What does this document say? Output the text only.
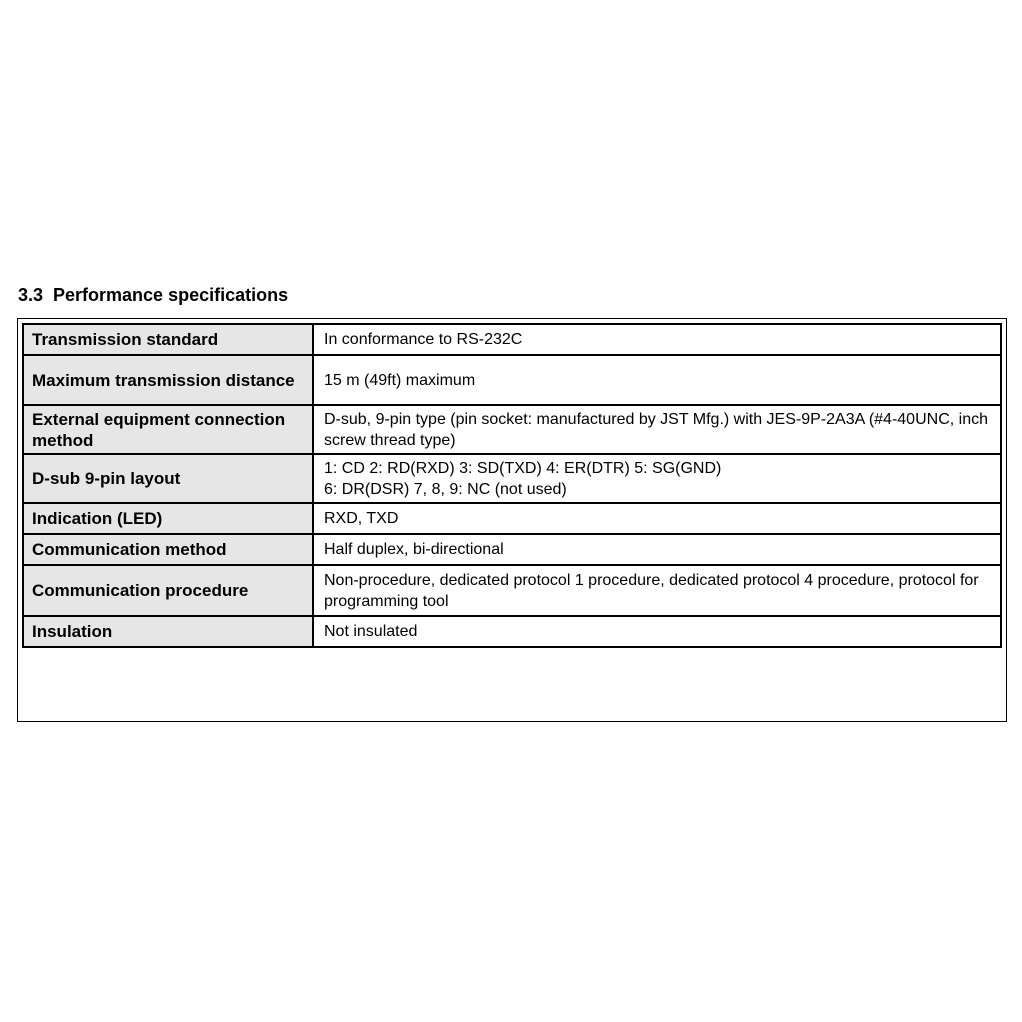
3.3  Performance specifications
Transmission standard	In conformance to RS-232C
Maximum transmission distance	15 m (49ft) maximum
External equipment connection method	D-sub, 9-pin type (pin socket: manufactured by JST Mfg.) with JES-9P-2A3A (#4-40UNC, inch screw thread type)
D-sub 9-pin layout	1: CD 2: RD(RXD) 3: SD(TXD) 4: ER(DTR) 5: SG(GND)
6: DR(DSR) 7, 8, 9: NC (not used)
Indication (LED)	RXD, TXD
Communication method	Half duplex, bi-directional
Communication procedure	Non-procedure, dedicated protocol 1 procedure, dedicated protocol 4 procedure, protocol for programming tool
Insulation	Not insulated
